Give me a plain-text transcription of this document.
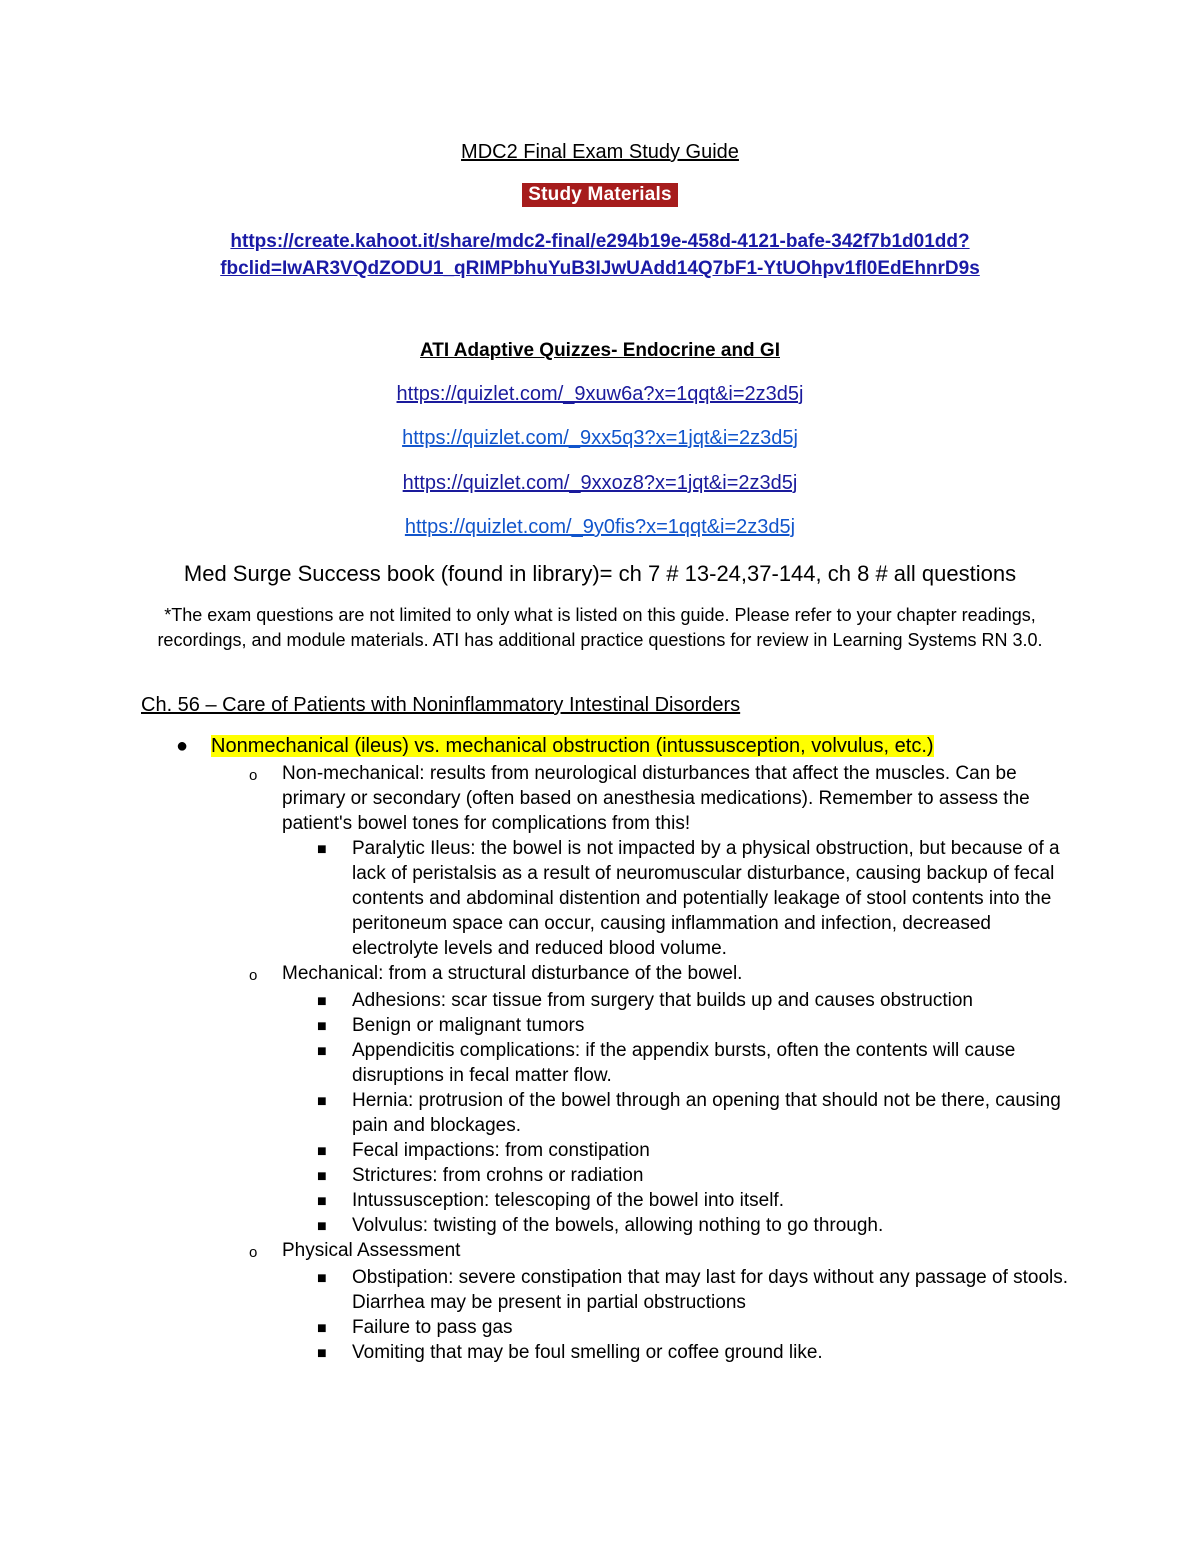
MDC2 Final Exam Study Guide
Study Materials
https://create.kahoot.it/share/mdc2-final/e294b19e-458d-4121-bafe-342f7b1d01dd?
fbclid=IwAR3VQdZODU1_qRIMPbhuYuB3IJwUAdd14Q7bF1-YtUOhpv1fl0EdEhnrD9s
ATI Adaptive Quizzes- Endocrine and GI
https://quizlet.com/_9xuw6a?x=1qqt&i=2z3d5j
https://quizlet.com/_9xx5q3?x=1jqt&i=2z3d5j
https://quizlet.com/_9xxoz8?x=1jqt&i=2z3d5j
https://quizlet.com/_9y0fis?x=1qqt&i=2z3d5j
Med Surge Success book (found in library)= ch 7 # 13-24,37-144, ch 8 # all questions
*The exam questions are not limited to only what is listed on this guide. Please refer to your chapter readings, recordings, and module materials. ATI has additional practice questions for review in Learning Systems RN 3.0.
Ch. 56 – Care of Patients with Noninflammatory Intestinal Disorders
● Nonmechanical (ileus) vs. mechanical obstruction (intussusception, volvulus, etc.)
o Non-mechanical: results from neurological disturbances that affect the muscles. Can be primary or secondary (often based on anesthesia medications). Remember to assess the patient's bowel tones for complications from this!
■ Paralytic Ileus: the bowel is not impacted by a physical obstruction, but because of a lack of peristalsis as a result of neuromuscular disturbance, causing backup of fecal contents and abdominal distention and potentially leakage of stool contents into the peritoneum space can occur, causing inflammation and infection, decreased electrolyte levels and reduced blood volume.
o Mechanical: from a structural disturbance of the bowel.
■ Adhesions: scar tissue from surgery that builds up and causes obstruction
■ Benign or malignant tumors
■ Appendicitis complications: if the appendix bursts, often the contents will cause disruptions in fecal matter flow.
■ Hernia: protrusion of the bowel through an opening that should not be there, causing pain and blockages.
■ Fecal impactions: from constipation
■ Strictures: from crohns or radiation
■ Intussusception: telescoping of the bowel into itself.
■ Volvulus: twisting of the bowels, allowing nothing to go through.
o Physical Assessment
■ Obstipation: severe constipation that may last for days without any passage of stools. Diarrhea may be present in partial obstructions
■ Failure to pass gas
■ Vomiting that may be foul smelling or coffee ground like.
